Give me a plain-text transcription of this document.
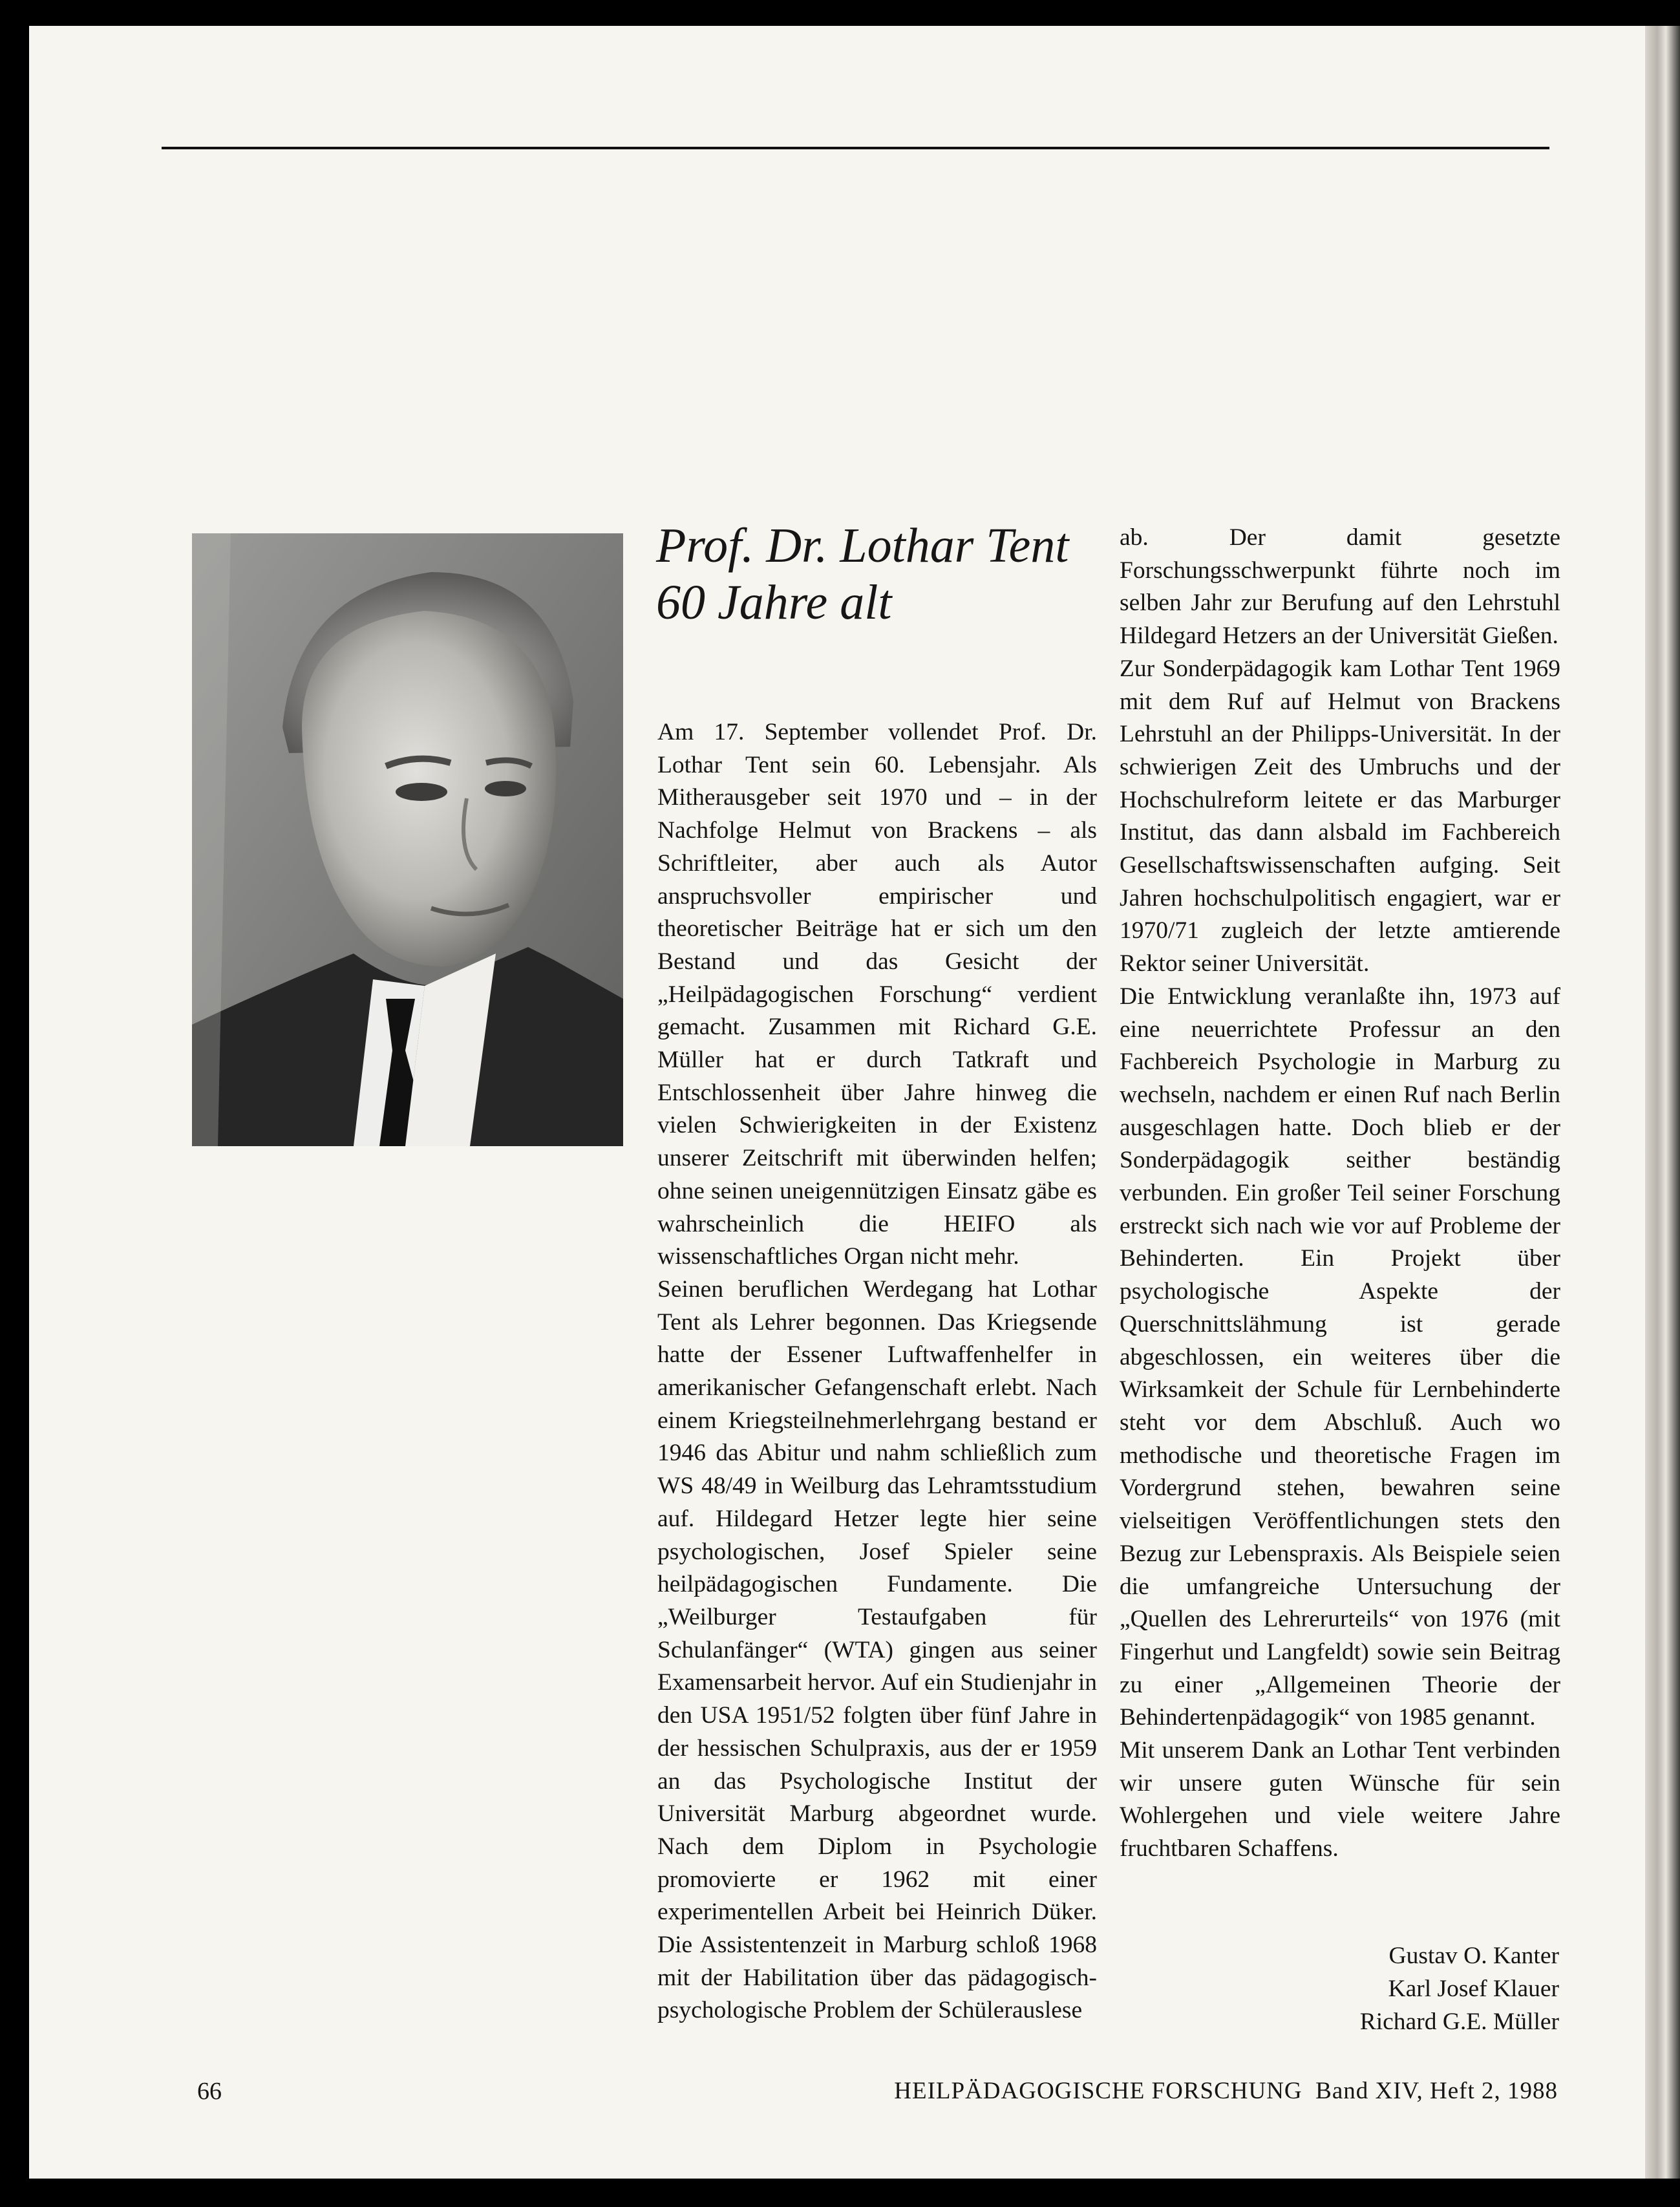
Prof. Dr. Lothar Tent
60 Jahre alt

Am 17. September vollendet Prof. Dr. Lothar Tent sein 60. Lebensjahr. Als Mitherausgeber seit 1970 und – in der Nachfolge Helmut von Brackens – als Schriftleiter, aber auch als Autor anspruchsvoller empirischer und theoretischer Beiträge hat er sich um den Bestand und das Gesicht der „Heilpädagogischen Forschung“ verdient gemacht. Zusammen mit Richard G.E. Müller hat er durch Tatkraft und Entschlossenheit über Jahre hinweg die vielen Schwierigkeiten in der Existenz unserer Zeitschrift mit überwinden helfen; ohne seinen uneigennützigen Einsatz gäbe es wahrscheinlich die HEIFO als wissenschaftliches Organ nicht mehr.

Seinen beruflichen Werdegang hat Lothar Tent als Lehrer begonnen. Das Kriegsende hatte der Essener Luftwaffenhelfer in amerikanischer Gefangenschaft erlebt. Nach einem Kriegsteilnehmerlehrgang bestand er 1946 das Abitur und nahm schließlich zum WS 48/49 in Weilburg das Lehramtsstudium auf. Hildegard Hetzer legte hier seine psychologischen, Josef Spieler seine heilpädagogischen Fundamente. Die „Weilburger Testaufgaben für Schulanfänger“ (WTA) gingen aus seiner Examensarbeit hervor. Auf ein Studienjahr in den USA 1951/52 folgten über fünf Jahre in der hessischen Schulpraxis, aus der er 1959 an das Psychologische Institut der Universität Marburg abgeordnet wurde. Nach dem Diplom in Psychologie promovierte er 1962 mit einer experimentellen Arbeit bei Heinrich Düker. Die Assistentenzeit in Marburg schloß 1968 mit der Habilitation über das pädagogisch-psychologische Problem der Schülerauslese

ab. Der damit gesetzte Forschungsschwerpunkt führte noch im selben Jahr zur Berufung auf den Lehrstuhl Hildegard Hetzers an der Universität Gießen.

Zur Sonderpädagogik kam Lothar Tent 1969 mit dem Ruf auf Helmut von Brackens Lehrstuhl an der Philipps-Universität. In der schwierigen Zeit des Umbruchs und der Hochschulreform leitete er das Marburger Institut, das dann alsbald im Fachbereich Gesellschaftswissenschaften aufging. Seit Jahren hochschulpolitisch engagiert, war er 1970/71 zugleich der letzte amtierende Rektor seiner Universität.

Die Entwicklung veranlaßte ihn, 1973 auf eine neuerrichtete Professur an den Fachbereich Psychologie in Marburg zu wechseln, nachdem er einen Ruf nach Berlin ausgeschlagen hatte. Doch blieb er der Sonderpädagogik seither beständig verbunden. Ein großer Teil seiner Forschung erstreckt sich nach wie vor auf Probleme der Behinderten. Ein Projekt über psychologische Aspekte der Querschnittslähmung ist gerade abgeschlossen, ein weiteres über die Wirksamkeit der Schule für Lernbehinderte steht vor dem Abschluß. Auch wo methodische und theoretische Fragen im Vordergrund stehen, bewahren seine vielseitigen Veröffentlichungen stets den Bezug zur Lebenspraxis. Als Beispiele seien die umfangreiche Untersuchung der „Quellen des Lehrerurteils“ von 1976 (mit Fingerhut und Langfeldt) sowie sein Beitrag zu einer „Allgemeinen Theorie der Behindertenpädagogik“ von 1985 genannt.

Mit unserem Dank an Lothar Tent verbinden wir unsere guten Wünsche für sein Wohlergehen und viele weitere Jahre fruchtbaren Schaffens.

Gustav O. Kanter
Karl Josef Klauer
Richard G.E. Müller
66	HEILPÄDAGOGISCHE FORSCHUNG Band XIV, Heft 2, 1988
